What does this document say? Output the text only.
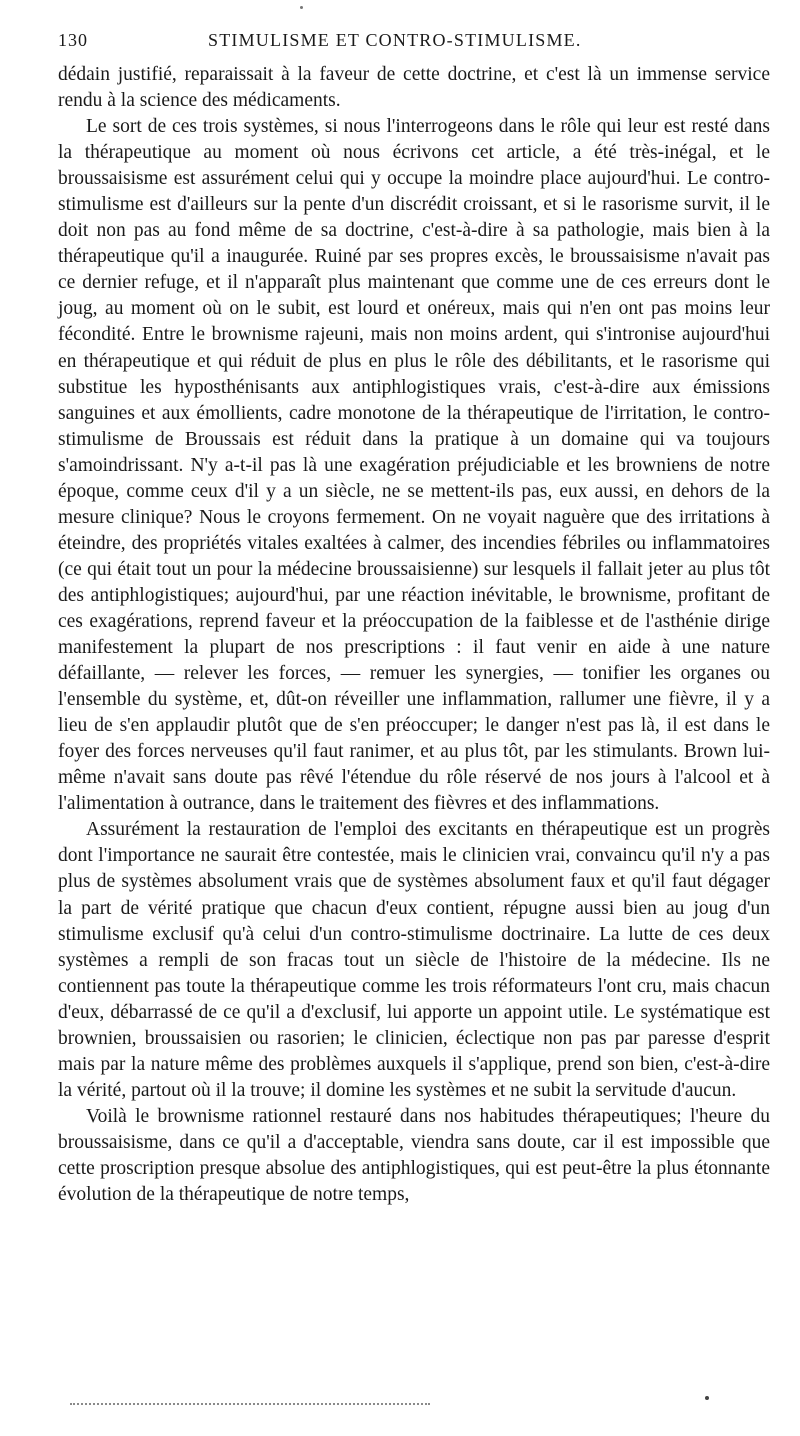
130	STIMULISME ET CONTRO-STIMULISME.

dédain justifié, reparaissait à la faveur de cette doctrine, et c'est là un immense service rendu à la science des médicaments.

Le sort de ces trois systèmes, si nous l'interrogeons dans le rôle qui leur est resté dans la thérapeutique au moment où nous écrivons cet article, a été très-inégal, et le broussaisisme est assurément celui qui y occupe la moindre place aujourd'hui. Le contro-stimulisme est d'ailleurs sur la pente d'un discrédit croissant, et si le rasorisme survit, il le doit non pas au fond même de sa doctrine, c'est-à-dire à sa pathologie, mais bien à la thérapeutique qu'il a inaugurée. Ruiné par ses propres excès, le broussaisisme n'avait pas ce dernier refuge, et il n'apparaît plus maintenant que comme une de ces erreurs dont le joug, au moment où on le subit, est lourd et onéreux, mais qui n'en ont pas moins leur fécondité. Entre le brownisme rajeuni, mais non moins ardent, qui s'intronise aujourd'hui en thérapeutique et qui réduit de plus en plus le rôle des débilitants, et le rasorisme qui substitue les hyposthénisants aux antiphlogistiques vrais, c'est-à-dire aux émissions sanguines et aux émollients, cadre monotone de la thérapeutique de l'irritation, le contro-stimulisme de Broussais est réduit dans la pratique à un domaine qui va toujours s'amoindrissant. N'y a-t-il pas là une exagération préjudiciable et les browniens de notre époque, comme ceux d'il y a un siècle, ne se mettent-ils pas, eux aussi, en dehors de la mesure clinique? Nous le croyons fermement. On ne voyait naguère que des irritations à éteindre, des propriétés vitales exaltées à calmer, des incendies fébriles ou inflammatoires (ce qui était tout un pour la médecine broussaisienne) sur lesquels il fallait jeter au plus tôt des antiphlogistiques; aujourd'hui, par une réaction inévitable, le brownisme, profitant de ces exagérations, reprend faveur et la préoccupation de la faiblesse et de l'asthénie dirige manifestement la plupart de nos prescriptions : il faut venir en aide à une nature défaillante, — relever les forces, — remuer les synergies, — tonifier les organes ou l'ensemble du système, et, dût-on réveiller une inflammation, rallumer une fièvre, il y a lieu de s'en applaudir plutôt que de s'en préoccuper; le danger n'est pas là, il est dans le foyer des forces nerveuses qu'il faut ranimer, et au plus tôt, par les stimulants. Brown lui-même n'avait sans doute pas rêvé l'étendue du rôle réservé de nos jours à l'alcool et à l'alimentation à outrance, dans le traitement des fièvres et des inflammations.

Assurément la restauration de l'emploi des excitants en thérapeutique est un progrès dont l'importance ne saurait être contestée, mais le clinicien vrai, convaincu qu'il n'y a pas plus de systèmes absolument vrais que de systèmes absolument faux et qu'il faut dégager la part de vérité pratique que chacun d'eux contient, répugne aussi bien au joug d'un stimulisme exclusif qu'à celui d'un contro-stimulisme doctrinaire. La lutte de ces deux systèmes a rempli de son fracas tout un siècle de l'histoire de la médecine. Ils ne contiennent pas toute la thérapeutique comme les trois réformateurs l'ont cru, mais chacun d'eux, débarrassé de ce qu'il a d'exclusif, lui apporte un appoint utile. Le systématique est brownien, broussaisien ou rasorien; le clinicien, éclectique non pas par paresse d'esprit mais par la nature même des problèmes auxquels il s'applique, prend son bien, c'est-à-dire la vérité, partout où il la trouve; il domine les systèmes et ne subit la servitude d'aucun.

Voilà le brownisme rationnel restauré dans nos habitudes thérapeutiques; l'heure du broussaisisme, dans ce qu'il a d'acceptable, viendra sans doute, car il est impossible que cette proscription presque absolue des antiphlogistiques, qui est peut-être la plus étonnante évolution de la thérapeutique de notre temps,
